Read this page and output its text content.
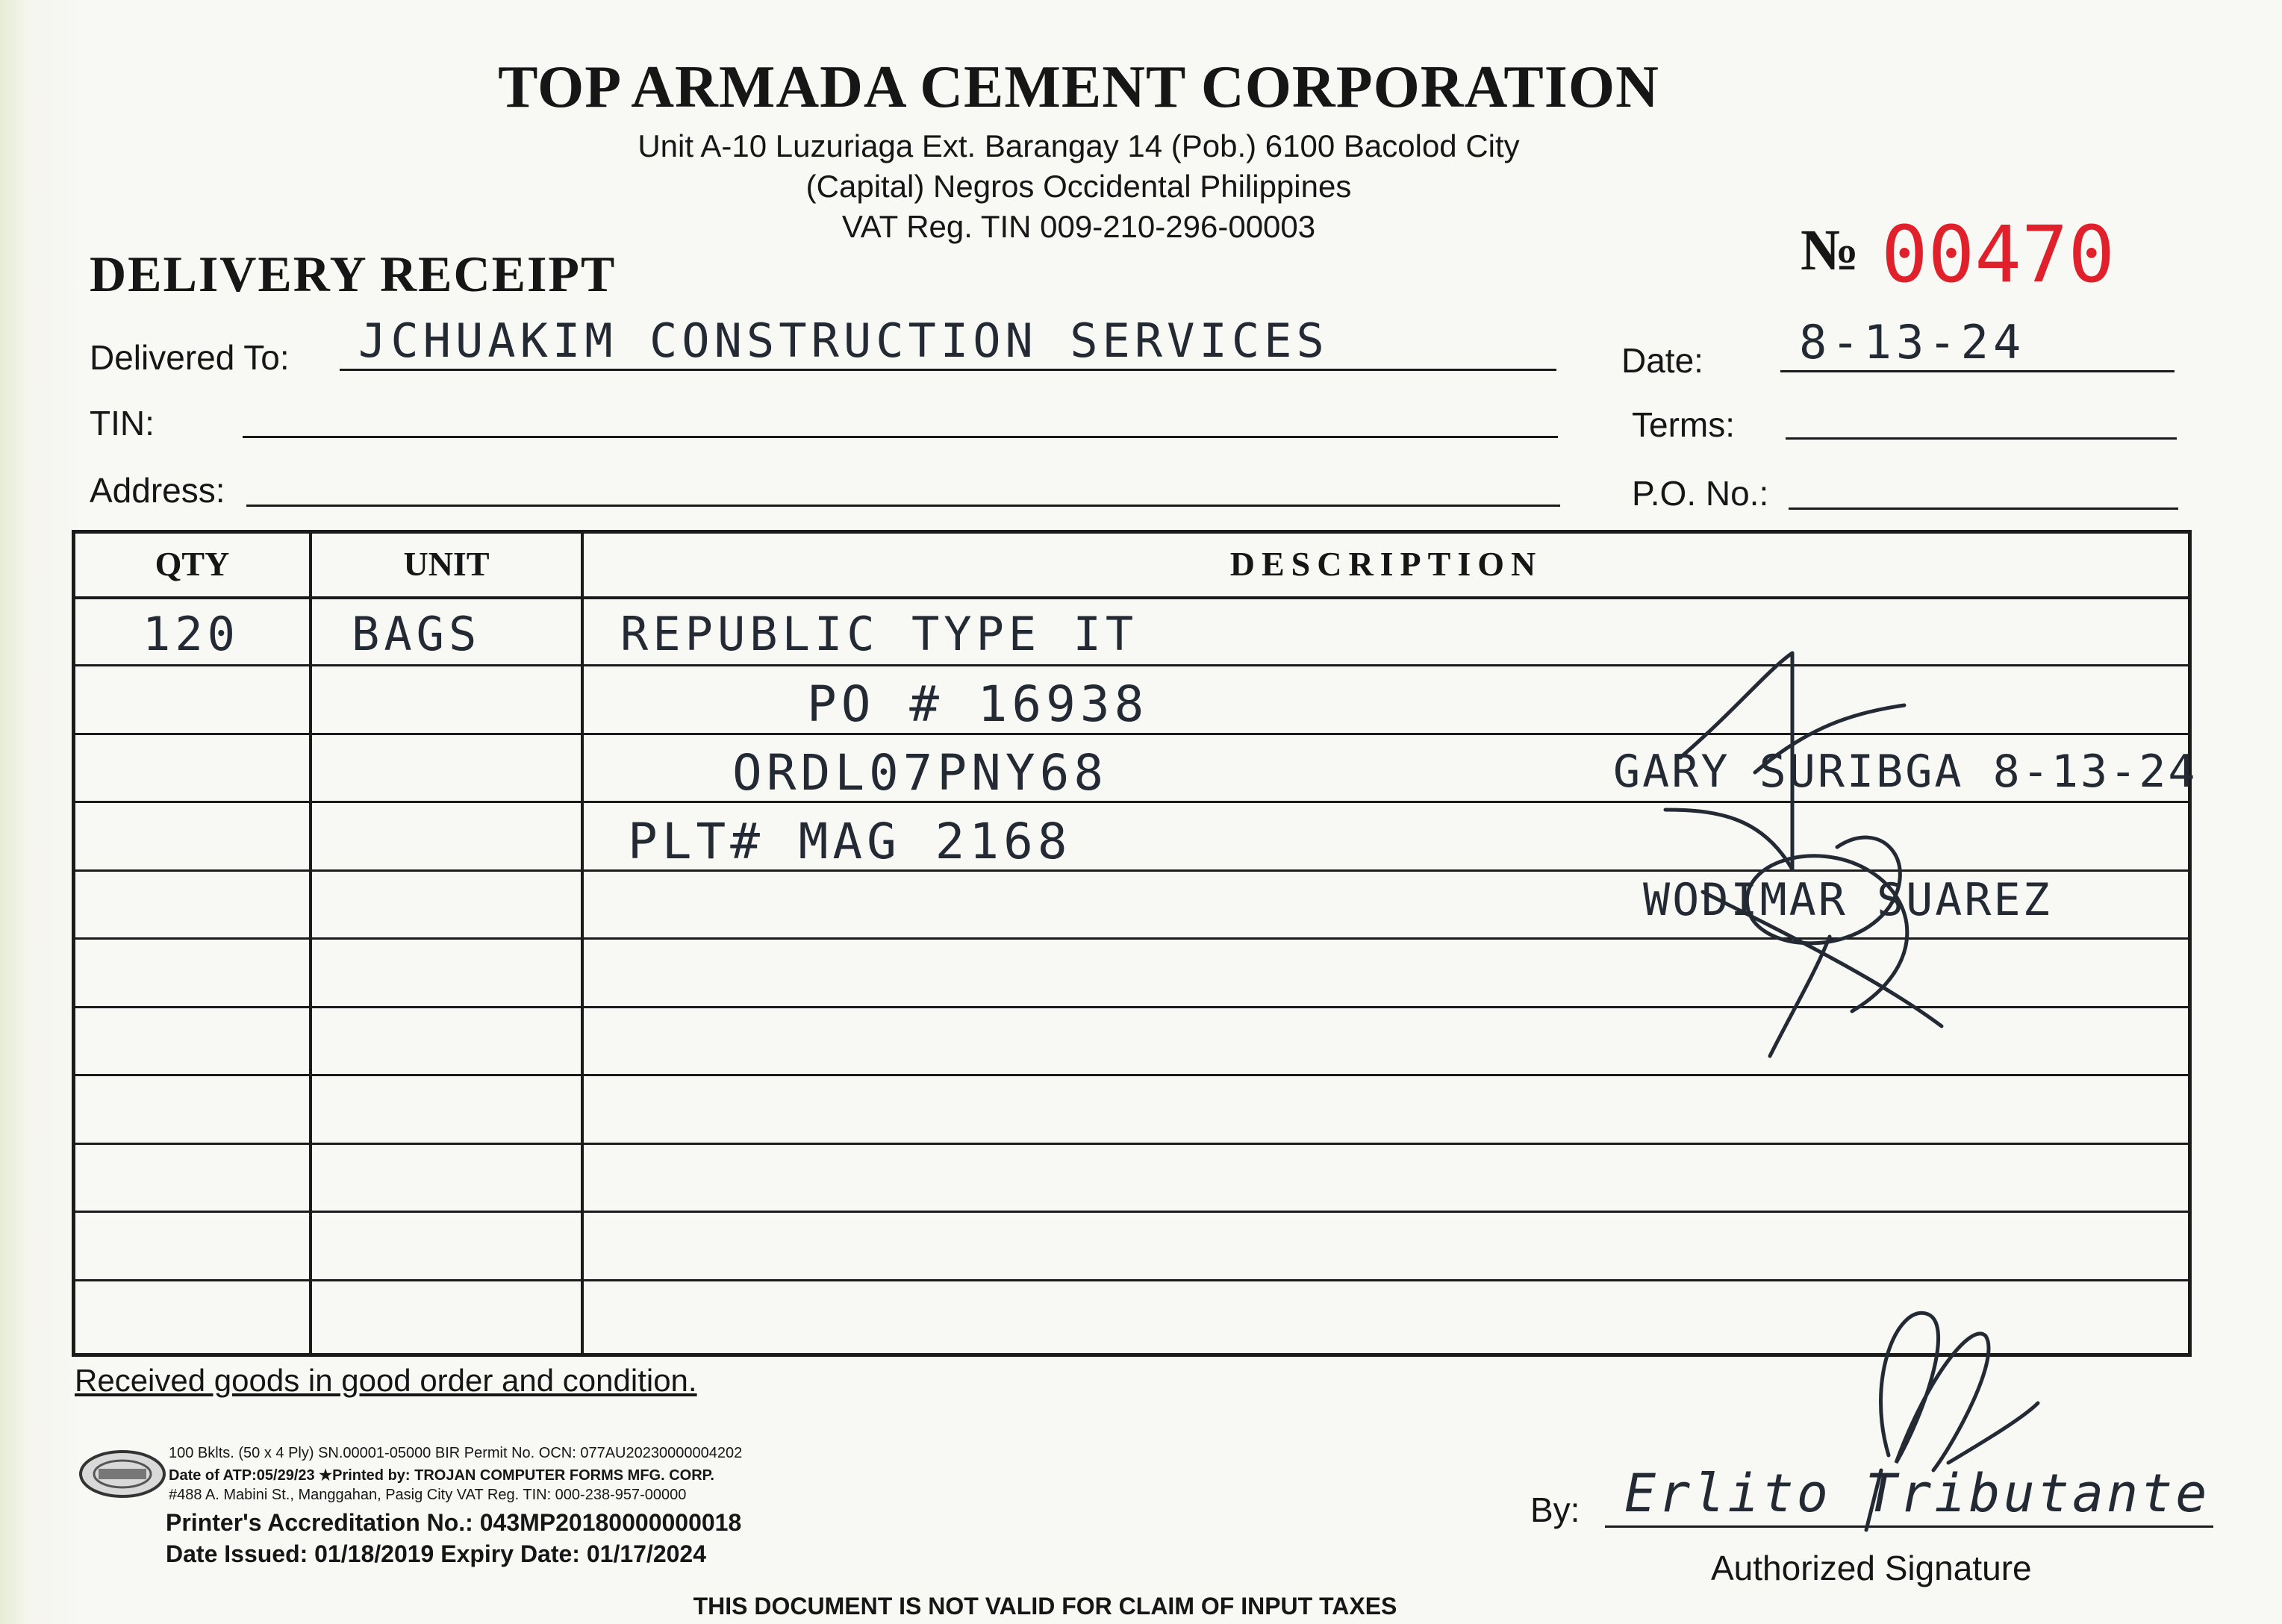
TOP ARMADA CEMENT CORPORATION
Unit A-10 Luzuriaga Ext. Barangay 14 (Pob.) 6100 Bacolod City
(Capital) Negros Occidental Philippines
VAT Reg. TIN 009-210-296-00003
DELIVERY RECEIPT	№ 00470
Delivered To: JCHUAKIM CONSTRUCTION SERVICES	Date: 8-13-24
TIN:	Terms:
Address:	P.O. No.:
QTY	UNIT	DESCRIPTION
120 BAGS	REPUBLIC TYPE IT
PO # 16938
ORDL07PNY68
PLT# MAG 2168
GARY SURIBGA 8-13-24
WODIMAR SUAREZ
Received goods in good order and condition.
100 Bklts. (50 x 4 Ply) SN.00001-05000 BIR Permit No. OCN: 077AU20230000004202
Date of ATP:05/29/23 ★Printed by: TROJAN COMPUTER FORMS MFG. CORP.
#488 A. Mabini St., Manggahan, Pasig City VAT Reg. TIN: 000-238-957-00000
Printer's Accreditation No.: 043MP20180000000018
Date Issued: 01/18/2019 Expiry Date: 01/17/2024
By: Erlito Tributante
Authorized Signature
THIS DOCUMENT IS NOT VALID FOR CLAIM OF INPUT TAXES
